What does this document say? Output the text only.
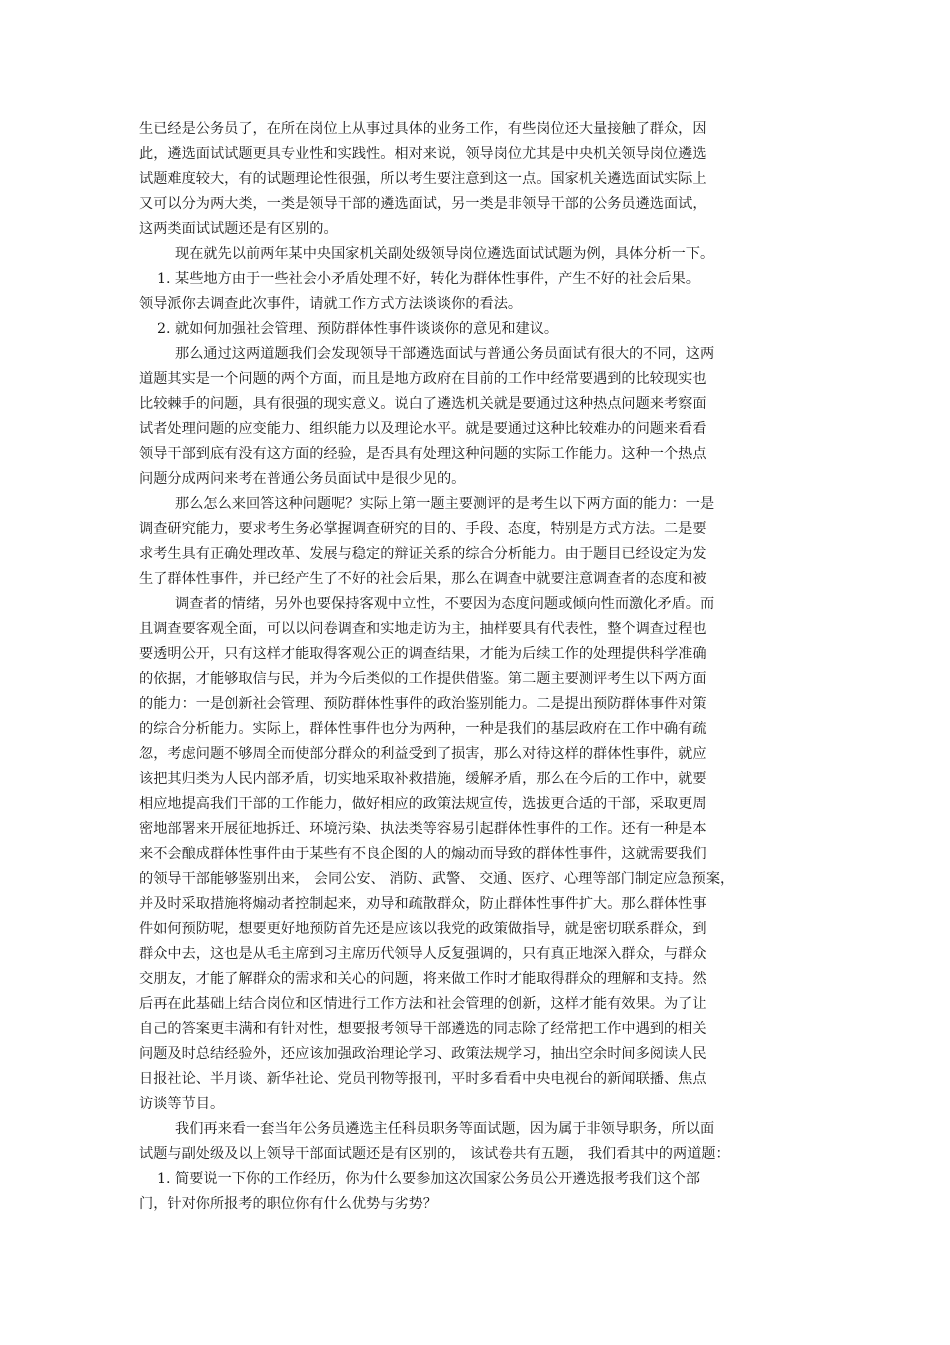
生已经是公务员了，在所在岗位上从事过具体的业务工作，有些岗位还大量接触了群众，因

此，遴选面试试题更具专业性和实践性。相对来说，领导岗位尤其是中央机关领导岗位遴选

试题难度较大，有的试题理论性很强，所以考生要注意到这一点。国家机关遴选面试实际上

又可以分为两大类，一类是领导干部的遴选面试，另一类是非领导干部的公务员遴选面试，

这两类面试试题还是有区别的。

现在就先以前两年某中央国家机关副处级领导岗位遴选面试试题为例，具体分析一下。

1. 某些地方由于一些社会小矛盾处理不好，转化为群体性事件，产生不好的社会后果。

领导派你去调查此次事件，请就工作方式方法谈谈你的看法。

2. 就如何加强社会管理、预防群体性事件谈谈你的意见和建议。

那么通过这两道题我们会发现领导干部遴选面试与普通公务员面试有很大的不同，这两

道题其实是一个问题的两个方面，而且是地方政府在目前的工作中经常要遇到的比较现实也

比较棘手的问题，具有很强的现实意义。说白了遴选机关就是要通过这种热点问题来考察面

试者处理问题的应变能力、组织能力以及理论水平。就是要通过这种比较难办的问题来看看

领导干部到底有没有这方面的经验，是否具有处理这种问题的实际工作能力。这种一个热点

问题分成两问来考在普通公务员面试中是很少见的。

那么怎么来回答这种问题呢？实际上第一题主要测评的是考生以下两方面的能力：一是

调查研究能力，要求考生务必掌握调查研究的目的、手段、态度，特别是方式方法。二是要

求考生具有正确处理改革、发展与稳定的辩证关系的综合分析能力。由于题目已经设定为发

生了群体性事件，并已经产生了不好的社会后果，那么在调查中就要注意调查者的态度和被

调查者的情绪，另外也要保持客观中立性，不要因为态度问题或倾向性而激化矛盾。而

且调查要客观全面，可以以问卷调查和实地走访为主，抽样要具有代表性，整个调查过程也

要透明公开，只有这样才能取得客观公正的调查结果，才能为后续工作的处理提供科学准确

的依据，才能够取信与民，并为今后类似的工作提供借鉴。第二题主要测评考生以下两方面

的能力：一是创新社会管理、预防群体性事件的政治鉴别能力。二是提出预防群体事件对策

的综合分析能力。实际上，群体性事件也分为两种，一种是我们的基层政府在工作中确有疏

忽，考虑问题不够周全而使部分群众的利益受到了损害，那么对待这样的群体性事件，就应

该把其归类为人民内部矛盾，切实地采取补救措施，缓解矛盾，那么在今后的工作中，就要

相应地提高我们干部的工作能力，做好相应的政策法规宣传，选拔更合适的干部，采取更周

密地部署来开展征地拆迁、环境污染、执法类等容易引起群体性事件的工作。还有一种是本

来不会酿成群体性事件由于某些有不良企图的人的煽动而导致的群体性事件，这就需要我们

的领导干部能够鉴别出来， 会同公安、 消防、武警、 交通、医疗、心理等部门制定应急预案，

并及时采取措施将煽动者控制起来，劝导和疏散群众，防止群体性事件扩大。那么群体性事

件如何预防呢，想要更好地预防首先还是应该以我党的政策做指导，就是密切联系群众，到

群众中去，这也是从毛主席到习主席历代领导人反复强调的，只有真正地深入群众，与群众

交朋友，才能了解群众的需求和关心的问题，将来做工作时才能取得群众的理解和支持。然

后再在此基础上结合岗位和区情进行工作方法和社会管理的创新，这样才能有效果。为了让

自己的答案更丰满和有针对性，想要报考领导干部遴选的同志除了经常把工作中遇到的相关

问题及时总结经验外，还应该加强政治理论学习、政策法规学习，抽出空余时间多阅读人民

日报社论、半月谈、新华社论、党员刊物等报刊，平时多看看中央电视台的新闻联播、焦点

访谈等节目。

我们再来看一套当年公务员遴选主任科员职务等面试题，因为属于非领导职务，所以面

试题与副处级及以上领导干部面试题还是有区别的， 该试卷共有五题， 我们看其中的两道题：

1. 简要说一下你的工作经历，你为什么要参加这次国家公务员公开遴选报考我们这个部

门，针对你所报考的职位你有什么优势与劣势？
